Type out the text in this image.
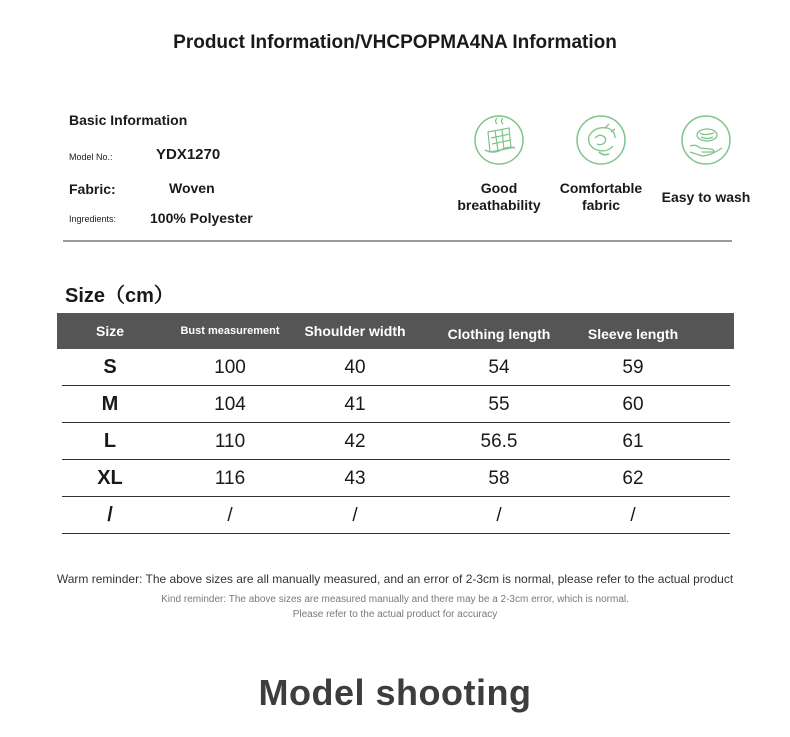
Product Information/VHCPOPMA4NA Information
Basic Information
Model No.:	YDX1270
Fabric:	Woven
Ingredients: 100% Polyester
Good
breathability
Comfortable
fabric	Easy to wash
Size（cm）
Size	Bust measurement	Shoulder width	Clothing length	Sleeve length
S	100	40	54	59
M	104	41	55	60
L	110	42	56.5	61
XL	116	43	58	62
/	/	/	/	/
Warm reminder: The above sizes are all manually measured, and an error of 2-3cm is normal, please refer to the actual product
Kind reminder: The above sizes are measured manually and there may be a 2-3cm error, which is normal.
Please refer to the actual product for accuracy
Model shooting
